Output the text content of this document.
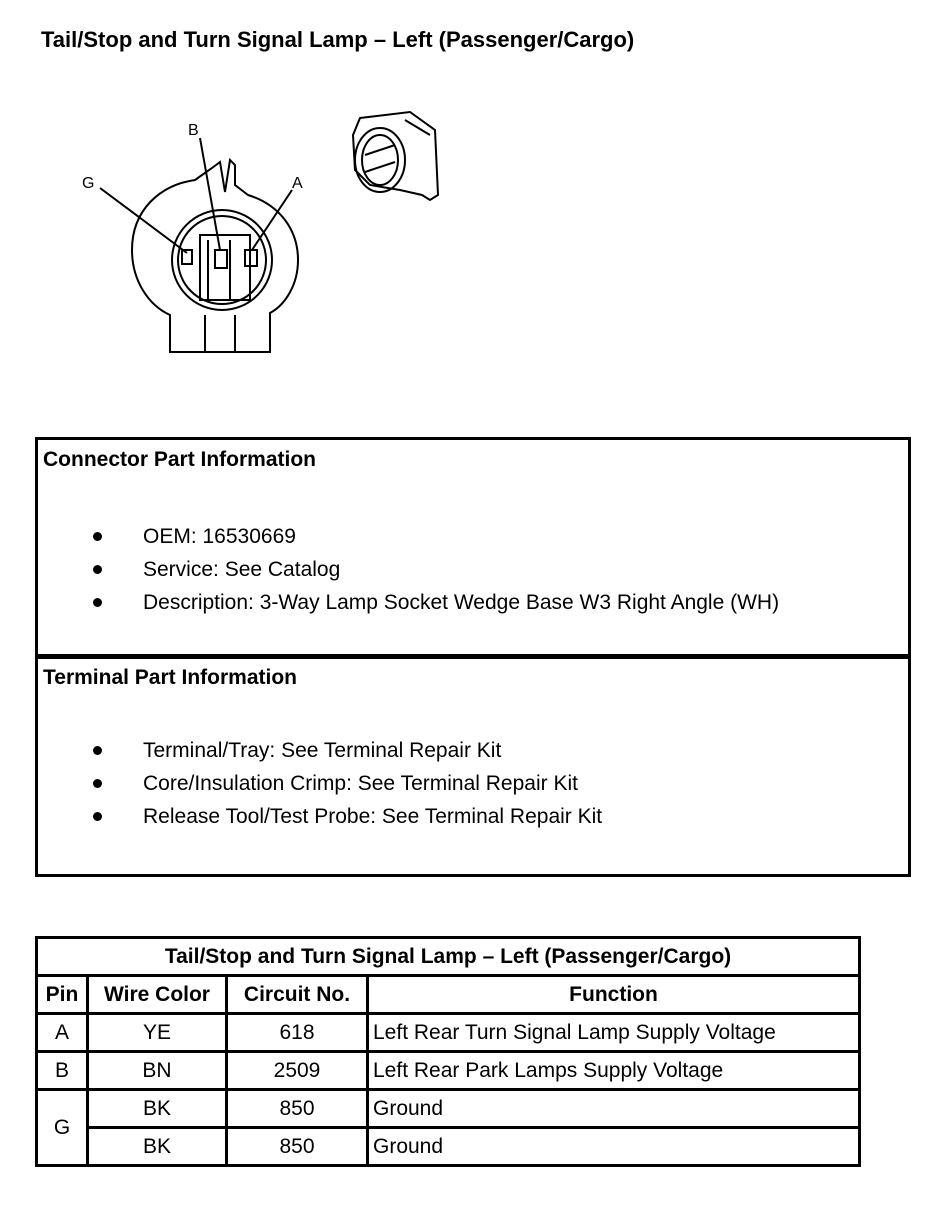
Tail/Stop and Turn Signal Lamp – Left (Passenger/Cargo)
B
G	A
Connector Part Information
OEM: 16530669
Service: See Catalog
Description: 3-Way Lamp Socket Wedge Base W3 Right Angle (WH)
Terminal Part Information
Terminal/Tray: See Terminal Repair Kit
Core/Insulation Crimp: See Terminal Repair Kit
Release Tool/Test Probe: See Terminal Repair Kit
Tail/Stop and Turn Signal Lamp – Left (Passenger/Cargo)			
Pin	Wire Color	Circuit No.	Function
A	YE	618	Left Rear Turn Signal Lamp Supply Voltage
B	BN	2509	Left Rear Park Lamps Supply Voltage
G	BK	850	Ground
	BK	850	Ground
